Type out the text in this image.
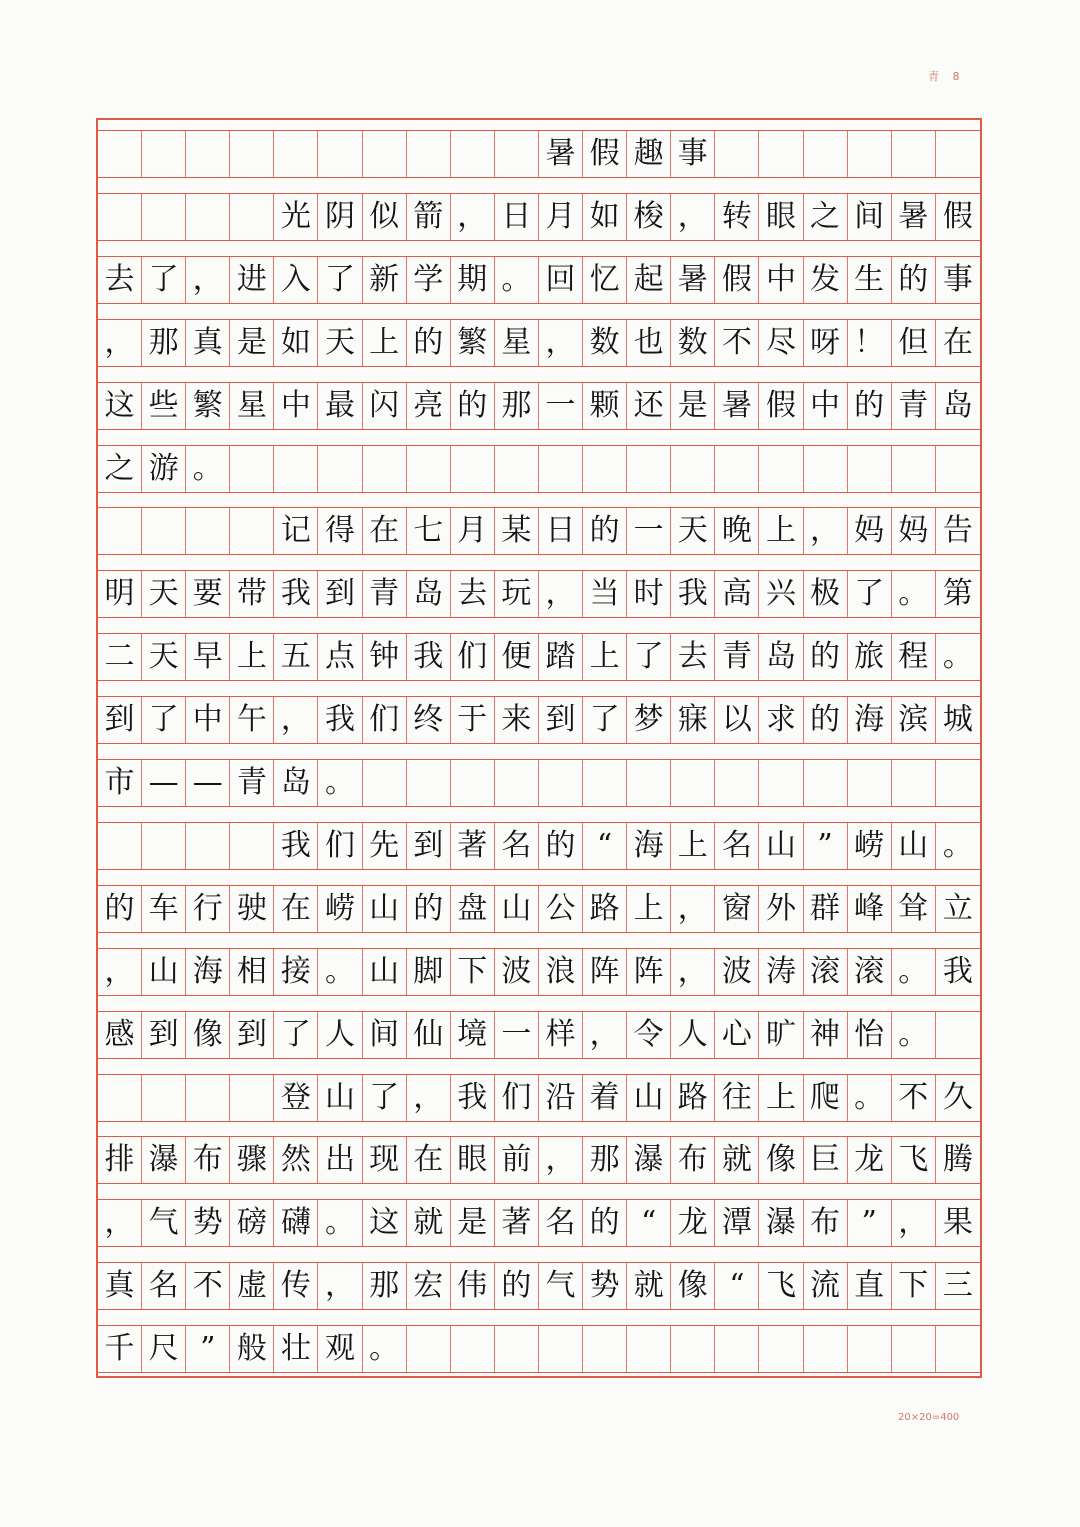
青 8
暑 假 趣 事
光 阴 似 箭 ， 日 月 如 梭 ， 转 眼 之 间 暑 假
去 了 ， 进 入 了 新 学 期 。 回 忆 起 暑 假 中 发 生 的 事
， 那 真 是 如 天 上 的 繁 星 ， 数 也 数 不 尽 呀 ！ 但 在
这 些 繁 星 中 最 闪 亮 的 那 一 颗 还 是 暑 假 中 的 青 岛
之 游 。
记 得 在 七 月 某 日 的 一 天 晚 上 ， 妈 妈 告
明 天 要 带 我 到 青 岛 去 玩 ， 当 时 我 高 兴 极 了 。 第
二 天 早 上 五 点 钟 我 们 便 踏 上 了 去 青 岛 的 旅 程 。
到 了 中 午 ， 我 们 终 于 来 到 了 梦 寐 以 求 的 海 滨 城
市 — — 青 岛 。
我 们 先 到 著 名 的 “ 海 上 名 山 ” 崂 山 。
的 车 行 驶 在 崂 山 的 盘 山 公 路 上 ， 窗 外 群 峰 耸 立
， 山 海 相 接 。 山 脚 下 波 浪 阵 阵 ， 波 涛 滚 滚 。 我
感 到 像 到 了 人 间 仙 境 一 样 ， 令 人 心 旷 神 怡 。
登 山 了 ， 我 们 沿 着 山 路 往 上 爬 。 不 久
排 瀑 布 骤 然 出 现 在 眼 前 ， 那 瀑 布 就 像 巨 龙 飞 腾
， 气 势 磅 礴 。 这 就 是 著 名 的 “ 龙 潭 瀑 布 ” ， 果
真 名 不 虚 传 ， 那 宏 伟 的 气 势 就 像 “ 飞 流 直 下 三
千 尺 ” 般 壮 观 。
20×20=400
